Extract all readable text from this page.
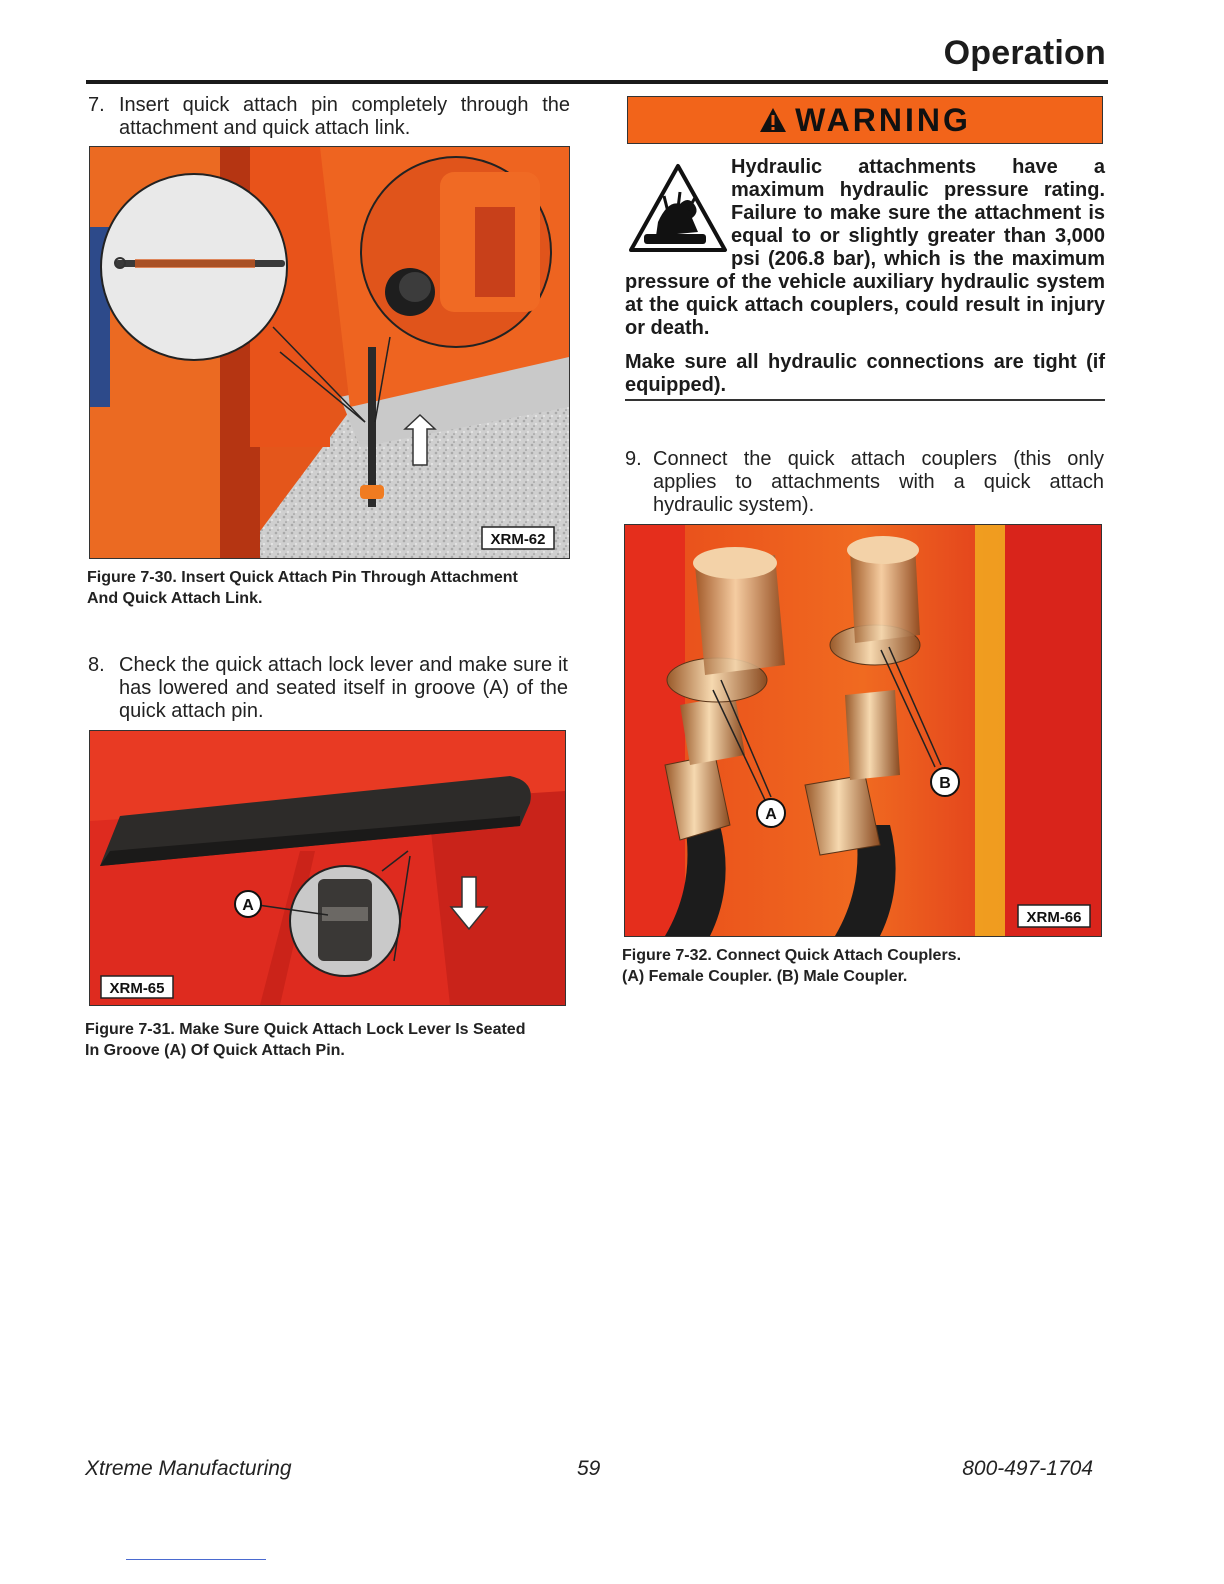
Operation
7. Insert quick attach pin completely through the attachment and quick attach link.
XRM-62
Figure 7-30. Insert Quick Attach Pin Through Attachment
And Quick Attach Link.
8. Check the quick attach lock lever and make sure it has lowered and seated itself in groove (A) of the quick attach pin.
A
XRM-65
Figure 7-31. Make Sure Quick Attach Lock Lever Is Seated
In Groove (A) Of Quick Attach Pin.
WARNING
Hydraulic attachments have a maximum hydraulic pressure rating. Failure to make sure the attachment is equal to or slightly greater than 3,000 psi (206.8 bar), which is the maximum pressure of the vehicle auxiliary hydraulic system at the quick attach couplers, could result in injury or death.
Make sure all hydraulic connections are tight (if equipped).
9. Connect the quick attach couplers (this only applies to attachments with a quick attach hydraulic system).
A
B
XRM-66
Figure 7-32. Connect Quick Attach Couplers.
(A) Female Coupler. (B) Male Coupler.
Xtreme Manufacturing	59	800-497-1704
